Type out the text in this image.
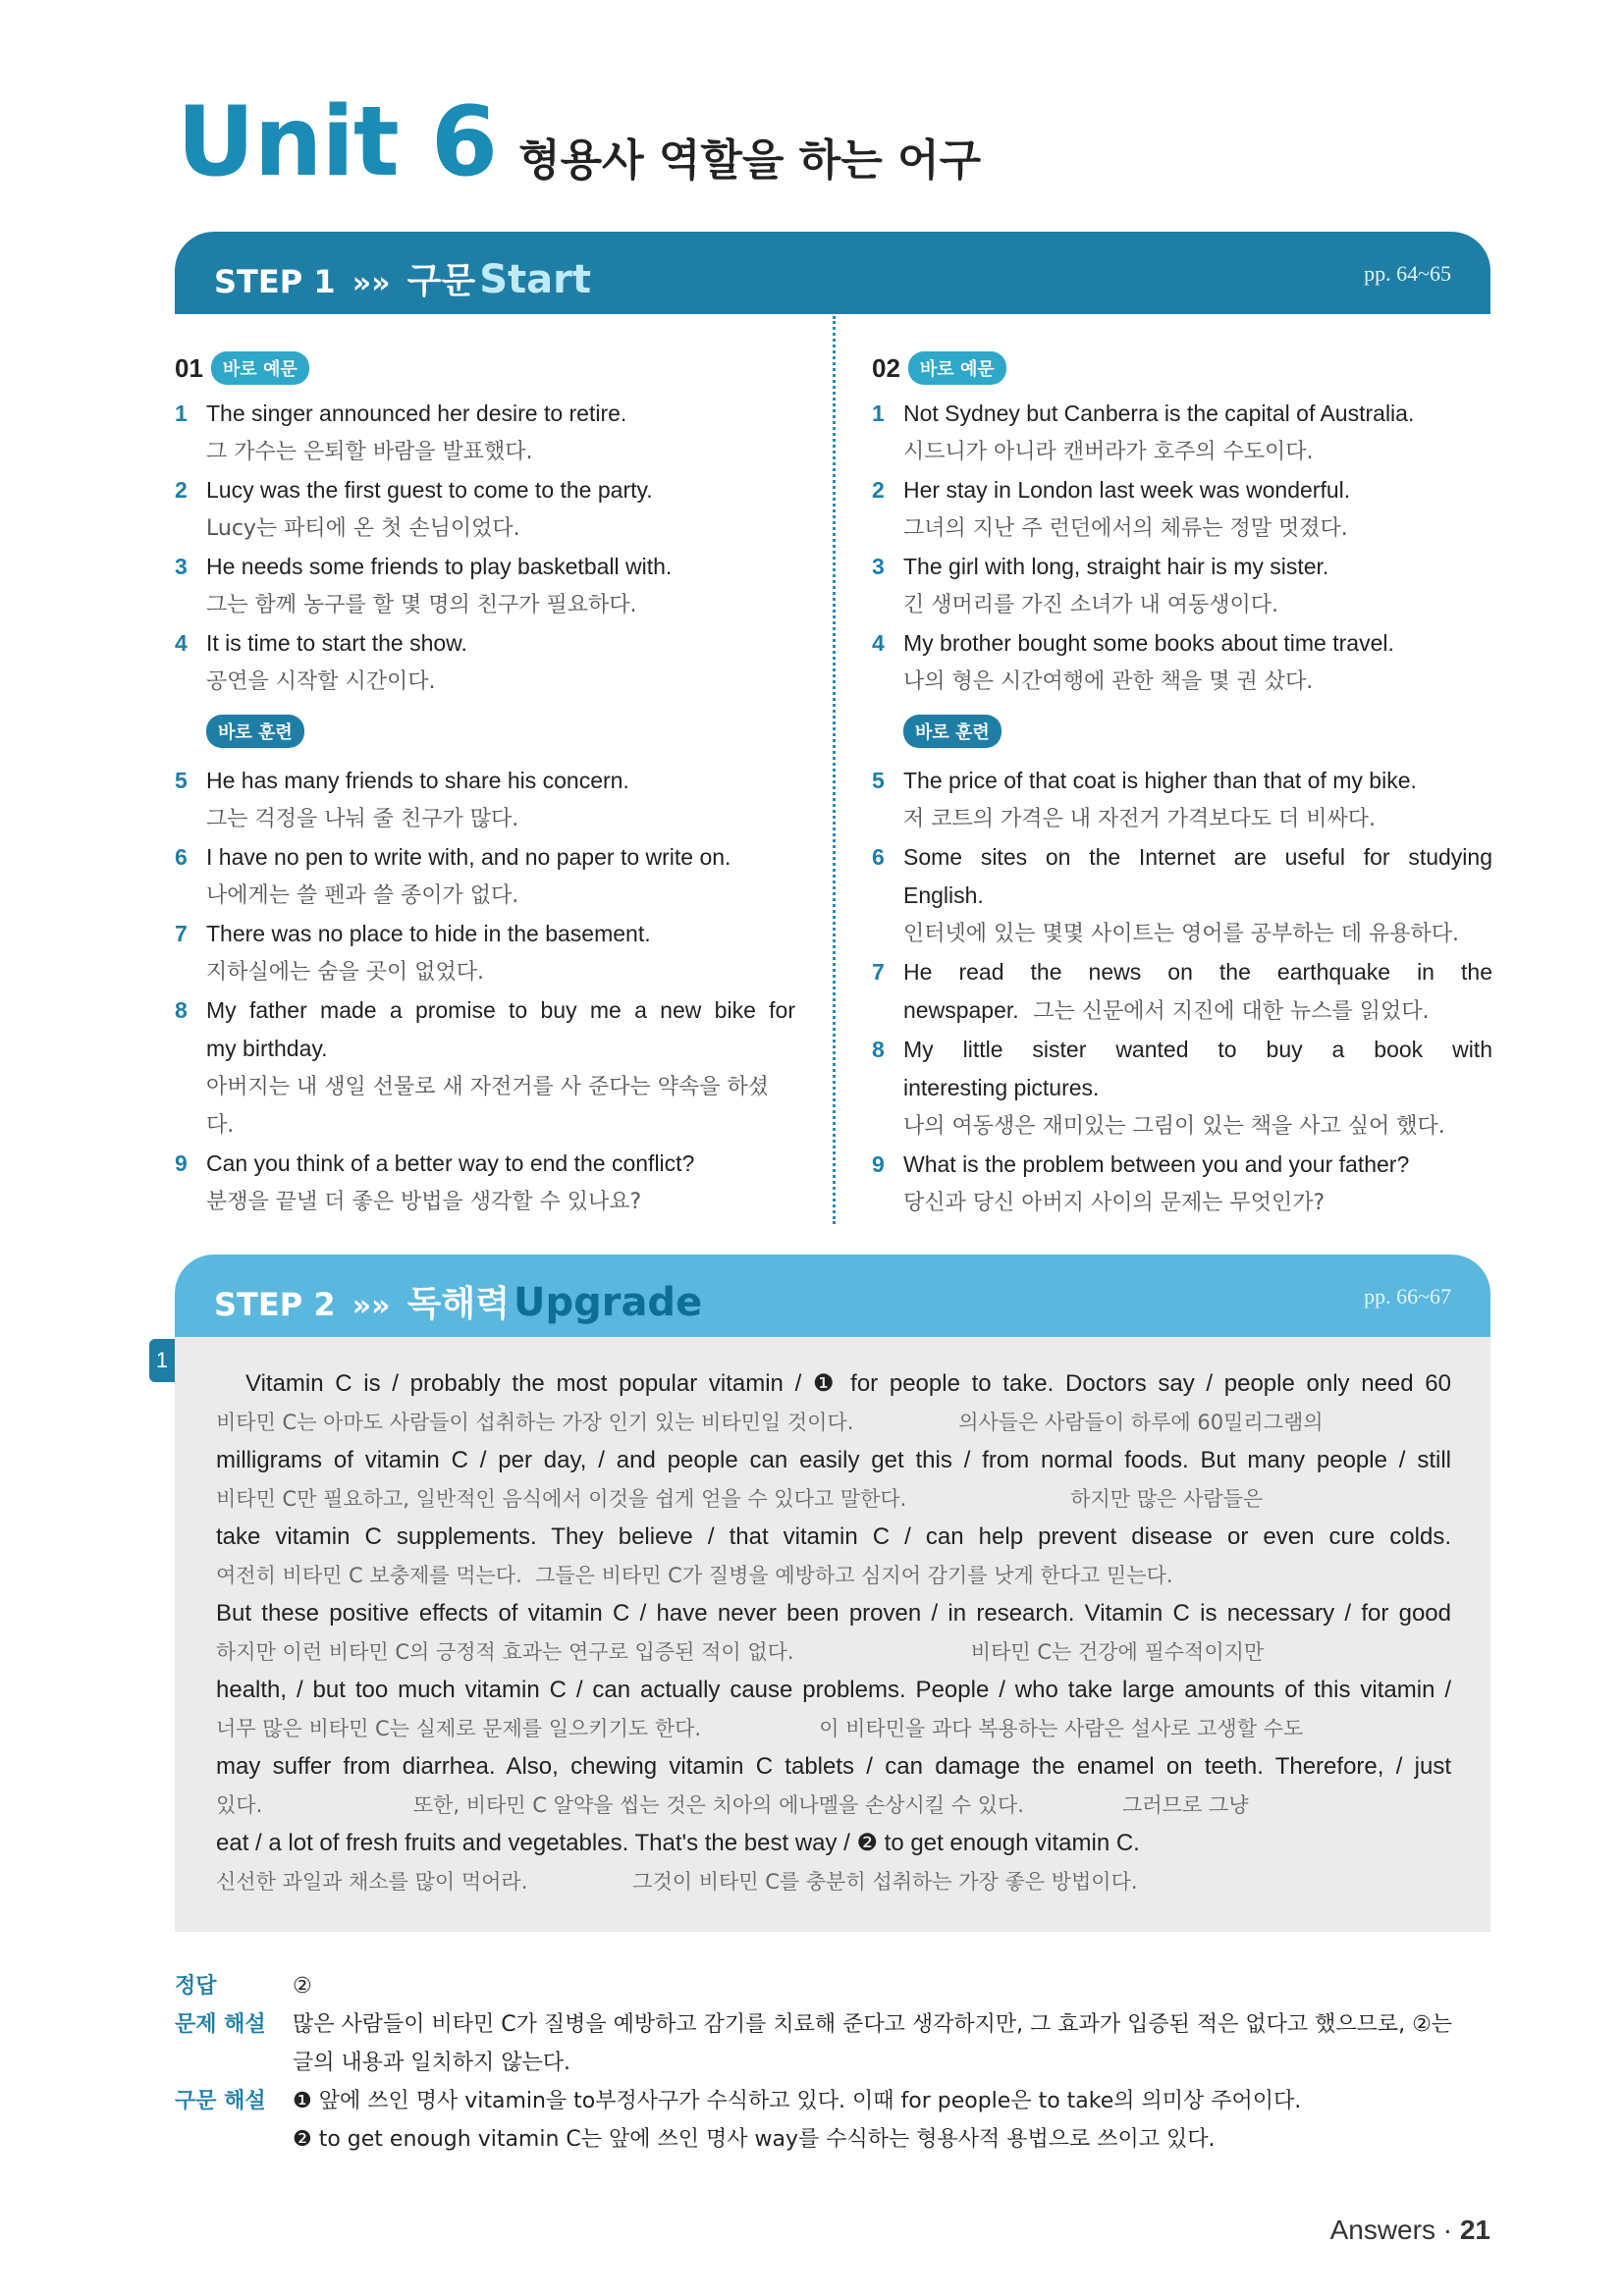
Unit 6 형용사 역할을 하는 어구
STEP 1 »» 구문 Start	pp. 64~65
01	바로 예문
1 The singer announced her desire to retire.
그 가수는 은퇴할 바람을 발표했다.
2 Lucy was the first guest to come to the party.
Lucy는 파티에 온 첫 손님이었다.
3 He needs some friends to play basketball with.
그는 함께 농구를 할 몇 명의 친구가 필요하다.
4 It is time to start the show.
공연을 시작할 시간이다.
바로 훈련
5 He has many friends to share his concern.
그는 걱정을 나눠 줄 친구가 많다.
6 I have no pen to write with, and no paper to write on.
나에게는 쓸 펜과 쓸 종이가 없다.
7 There was no place to hide in the basement.
지하실에는 숨을 곳이 없었다.
8 My father made a promise to buy me a new bike for
my birthday.
아버지는 내 생일 선물로 새 자전거를 사 준다는 약속을 하셨다.
9 Can you think of a better way to end the conflict?
분쟁을 끝낼 더 좋은 방법을 생각할 수 있나요?
02	바로 예문
1 Not Sydney but Canberra is the capital of Australia.
시드니가 아니라 캔버라가 호주의 수도이다.
2 Her stay in London last week was wonderful.
그녀의 지난 주 런던에서의 체류는 정말 멋졌다.
3 The girl with long, straight hair is my sister.
긴 생머리를 가진 소녀가 내 여동생이다.
4 My brother bought some books about time travel.
나의 형은 시간여행에 관한 책을 몇 권 샀다.
바로 훈련
5 The price of that coat is higher than that of my bike.
저 코트의 가격은 내 자전거 가격보다도 더 비싸다.
6 Some sites on the Internet are useful for studying
English.
인터넷에 있는 몇몇 사이트는 영어를 공부하는 데 유용하다.
7 He read the news on the earthquake in the
newspaper. 그는 신문에서 지진에 대한 뉴스를 읽었다.
8 My little sister wanted to buy a book with
interesting pictures.
나의 여동생은 재미있는 그림이 있는 책을 사고 싶어 했다.
9 What is the problem between you and your father?
당신과 당신 아버지 사이의 문제는 무엇인가?
STEP 2 »» 독해력 Upgrade	pp. 66~67
1
Vitamin C is / probably the most popular vitamin / ❶ for people to take. Doctors say / people only need 60
비타민 C는 아마도 사람들이 섭취하는 가장 인기 있는 비타민일 것이다.                의사들은 사람들이 하루에 60밀리그램의
milligrams of vitamin C / per day, / and people can easily get this / from normal foods. But many people / still
비타민 C만 필요하고, 일반적인 음식에서 이것을 쉽게 얻을 수 있다고 말한다.                         하지만 많은 사람들은
take vitamin C supplements. They believe / that vitamin C / can help prevent disease or even cure colds.
여전히 비타민 C 보충제를 먹는다.  그들은 비타민 C가 질병을 예방하고 심지어 감기를 낫게 한다고 믿는다.
But these positive effects of vitamin C / have never been proven / in research. Vitamin C is necessary / for good
하지만 이런 비타민 C의 긍정적 효과는 연구로 입증된 적이 없다.                           비타민 C는 건강에 필수적이지만
health, / but too much vitamin C / can actually cause problems. People / who take large amounts of this vitamin /
너무 많은 비타민 C는 실제로 문제를 일으키기도 한다.                  이 비타민을 과다 복용하는 사람은 설사로 고생할 수도
may suffer from diarrhea. Also, chewing vitamin C tablets / can damage the enamel on teeth. Therefore, / just
있다.                       또한, 비타민 C 알약을 씹는 것은 치아의 에나멜을 손상시킬 수 있다.               그러므로 그냥
eat / a lot of fresh fruits and vegetables. That's the best way / ❷ to get enough vitamin C.
신선한 과일과 채소를 많이 먹어라.                그것이 비타민 C를 충분히 섭취하는 가장 좋은 방법이다.
정답	②
문제 해설	많은 사람들이 비타민 C가 질병을 예방하고 감기를 치료해 준다고 생각하지만, 그 효과가 입증된 적은 없다고 했으므로, ②는
글의 내용과 일치하지 않는다.
구문 해설	❶ 앞에 쓰인 명사 vitamin을 to부정사구가 수식하고 있다. 이때 for people은 to take의 의미상 주어이다.
❷ to get enough vitamin C는 앞에 쓰인 명사 way를 수식하는 형용사적 용법으로 쓰이고 있다.
Answers · 21
